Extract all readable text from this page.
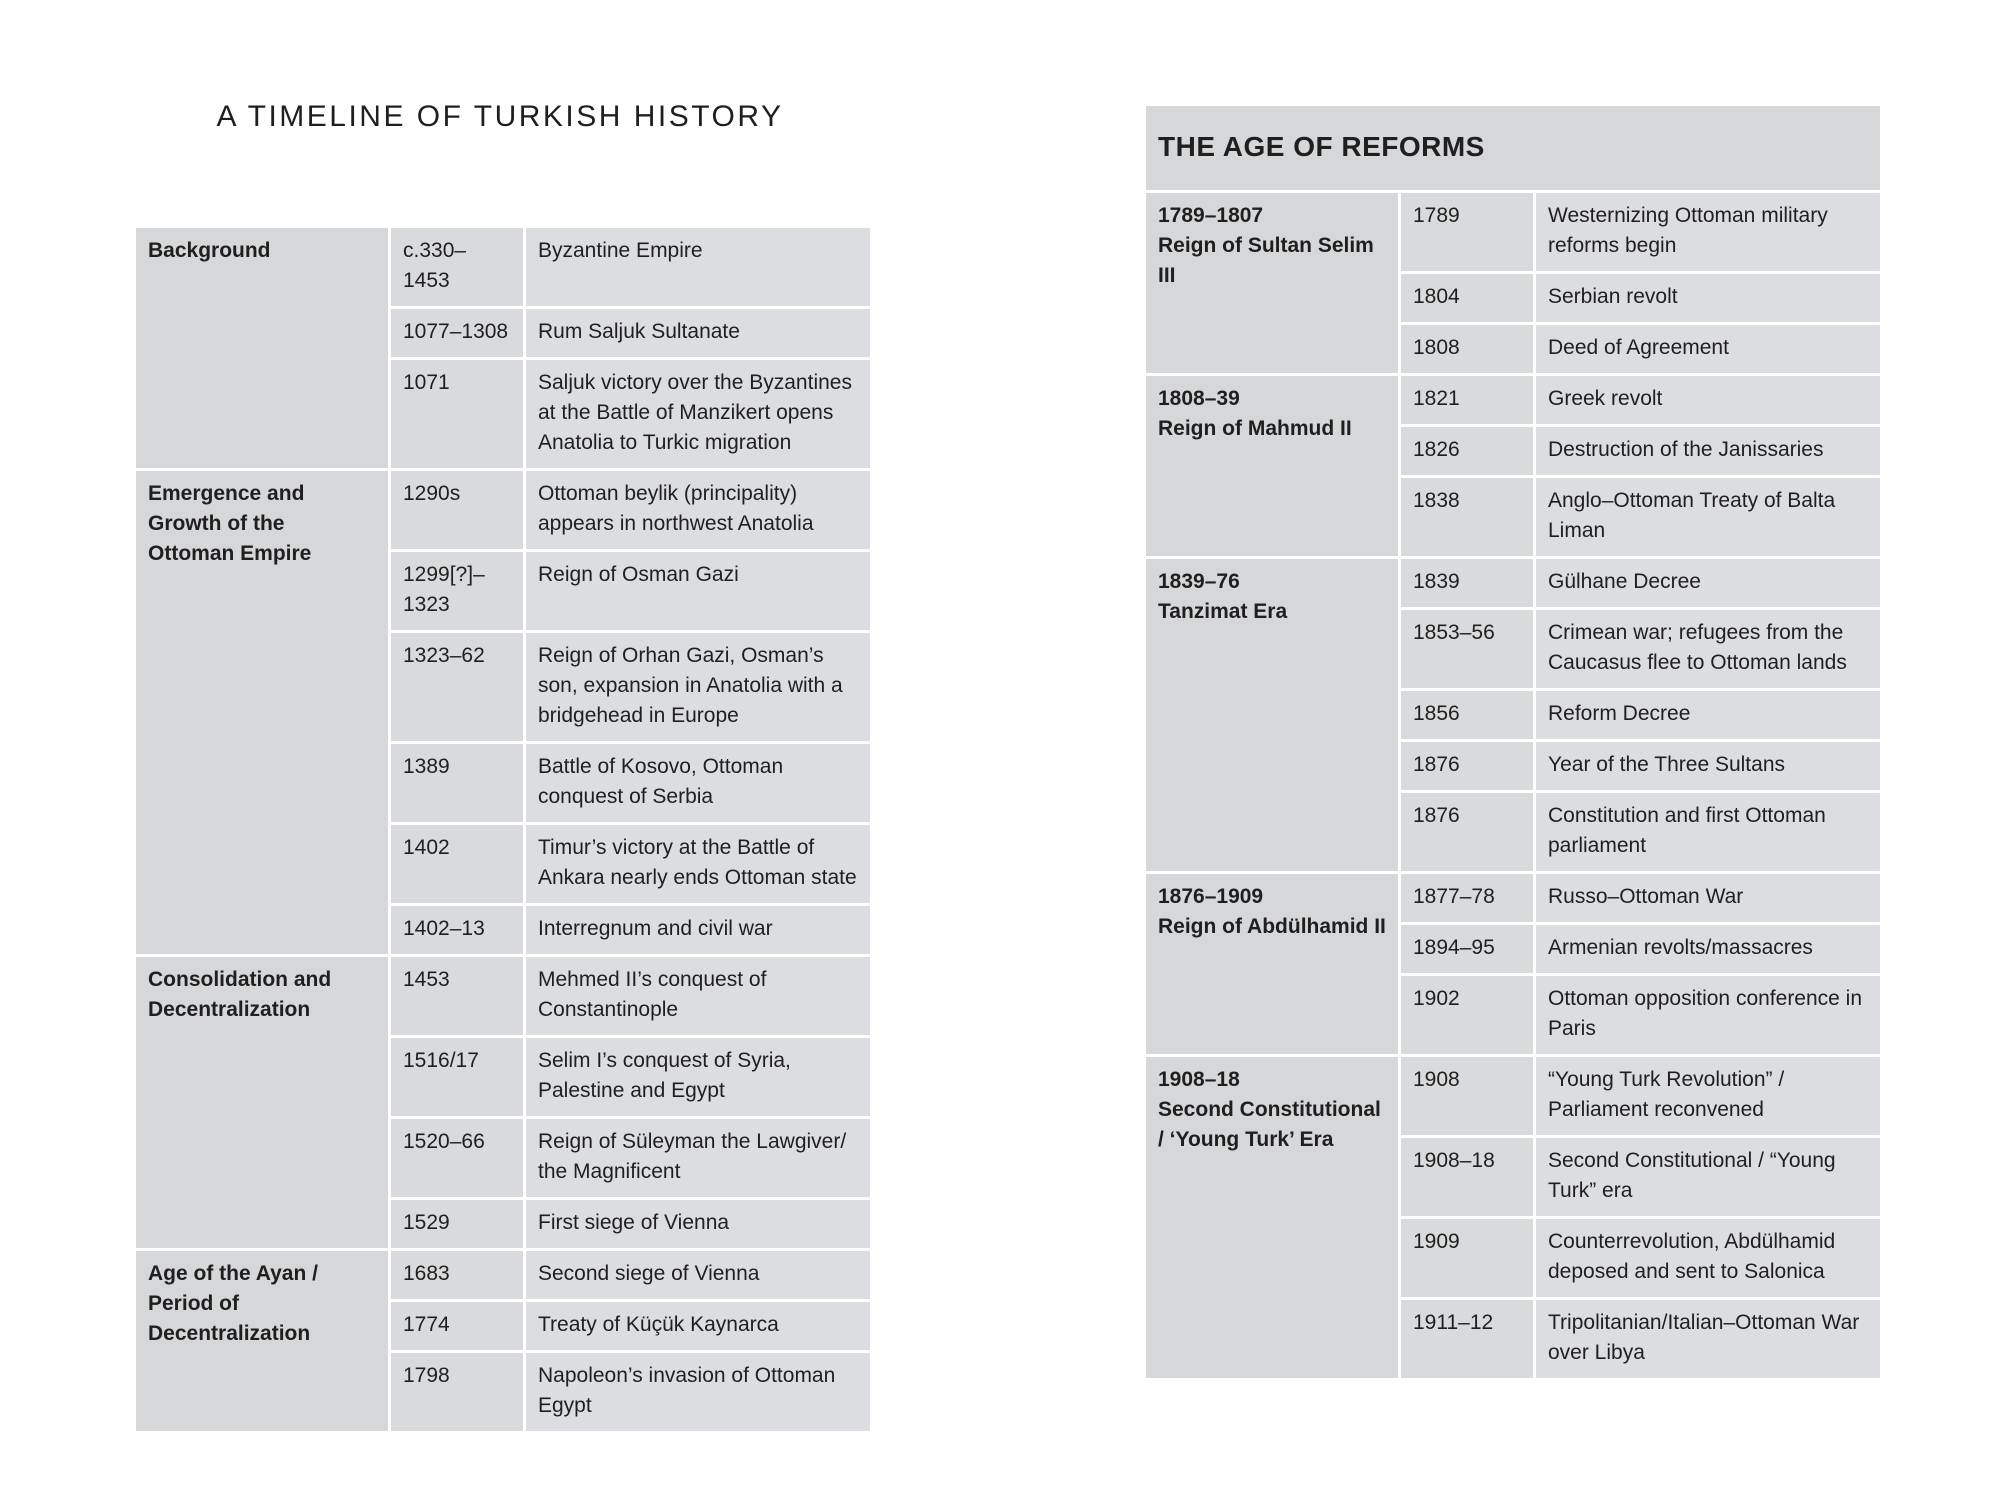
A TIMELINE OF TURKISH HISTORY
Background	c.330–1453	Byzantine Empire
	1077–1308	Rum Saljuk Sultanate
	1071	Saljuk victory over the Byzantines at the Battle of Manzikert opens Anatolia to Turkic migration

Emergence and Growth of the Ottoman Empire	1290s	Ottoman beylik (principality) appears in northwest Anatolia
	1299[?]–1323	Reign of Osman Gazi
	1323–62	Reign of Orhan Gazi, Osman’s son, expansion in Anatolia with a bridgehead in Europe
	1389	Battle of Kosovo, Ottoman conquest of Serbia
	1402	Timur’s victory at the Battle of Ankara nearly ends Ottoman state
	1402–13	Interregnum and civil war

Consolidation and Decentralization	1453	Mehmed II’s conquest of Constantinople
	1516/17	Selim I’s conquest of Syria, Palestine and Egypt
	1520–66	Reign of Süleyman the Lawgiver/ the Magnificent
	1529	First siege of Vienna

Age of the Ayan / Period of Decentralization	1683	Second siege of Vienna
	1774	Treaty of Küçük Kaynarca
	1798	Napoleon’s invasion of Ottoman Egypt
THE AGE OF REFORMS		

1789–1807
Reign of Sultan Selim III	1789	Westernizing Ottoman military reforms begin
	1804	Serbian revolt
	1808	Deed of Agreement

1808–39
Reign of Mahmud II	1821	Greek revolt
	1826	Destruction of the Janissaries
	1838	Anglo–Ottoman Treaty of Balta Liman

1839–76
Tanzimat Era	1839	Gülhane Decree
	1853–56	Crimean war; refugees from the Caucasus flee to Ottoman lands
	1856	Reform Decree
	1876	Year of the Three Sultans
	1876	Constitution and first Ottoman parliament

1876–1909
Reign of Abdülhamid II	1877–78	Russo–Ottoman War
	1894–95	Armenian revolts/massacres
	1902	Ottoman opposition conference in Paris

1908–18
Second Constitutional / ‘Young Turk’ Era	1908	“Young Turk Revolution” / Parliament reconvened
	1908–18	Second Constitutional / “Young Turk” era
	1909	Counterrevolution, Abdülhamid deposed and sent to Salonica
	1911–12	Tripolitanian/Italian–Ottoman War over Libya
